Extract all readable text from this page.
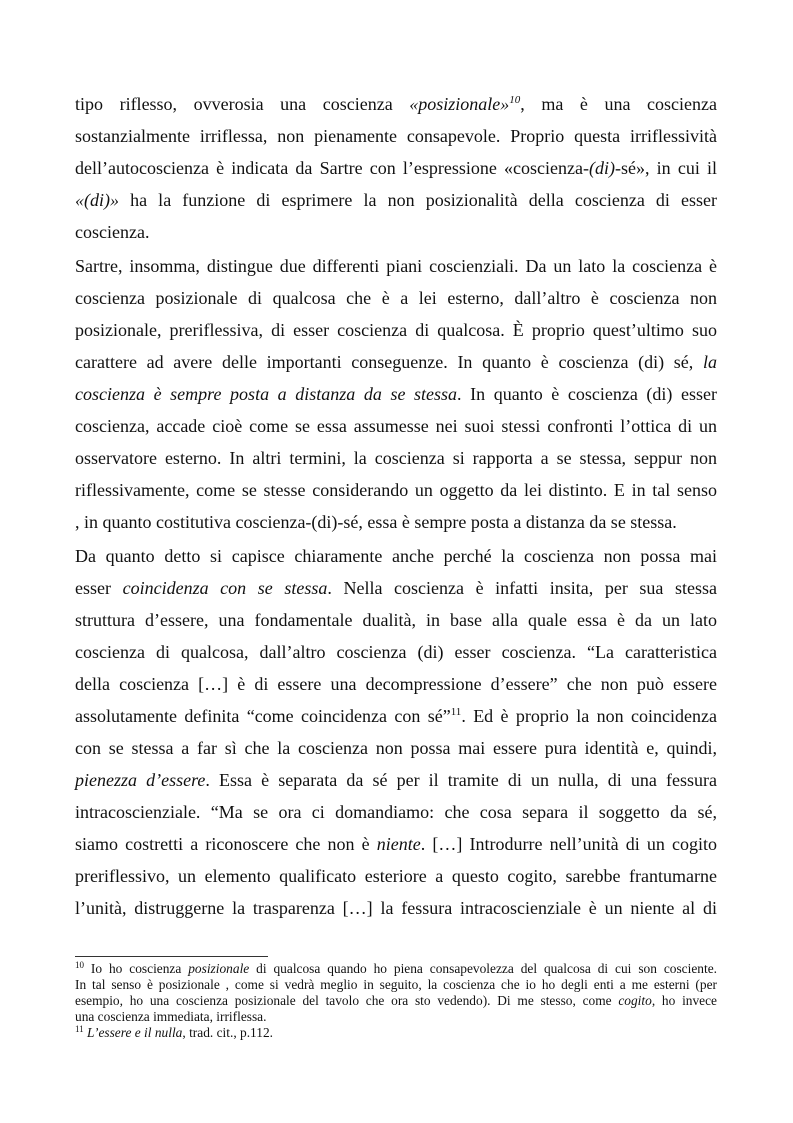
tipo riflesso, ovverosia una coscienza «posizionale»$^{10}$, ma è una coscienza
sostanzialmente irriflessa, non pienamente consapevole. Proprio questa irriflessività
dell’autocoscienza è indicata da Sartre con l’espressione «coscienza-(di)-sé», in cui il
«(di)» ha la funzione di esprimere la non posizionalità della coscienza di esser
coscienza.
Sartre, insomma, distingue due differenti piani coscienziali. Da un lato la coscienza è
coscienza posizionale di qualcosa che è a lei esterno, dall’altro è coscienza non
posizionale, preriflessiva, di esser coscienza di qualcosa. È proprio quest’ultimo suo
carattere ad avere delle importanti conseguenze. In quanto è coscienza (di) sé, la
coscienza è sempre posta a distanza da se stessa. In quanto è coscienza (di) esser
coscienza, accade cioè come se essa assumesse nei suoi stessi confronti l’ottica di un
osservatore esterno. In altri termini, la coscienza si rapporta a se stessa, seppur non
riflessivamente, come se stesse considerando un oggetto da lei distinto. E in tal senso
, in quanto costitutiva coscienza-(di)-sé, essa è sempre posta a distanza da se stessa.
Da quanto detto si capisce chiaramente anche perché la coscienza non possa mai
esser coincidenza con se stessa. Nella coscienza è infatti insita, per sua stessa
struttura d’essere, una fondamentale dualità, in base alla quale essa è da un lato
coscienza di qualcosa, dall’altro coscienza (di) esser coscienza. “La caratteristica
della coscienza […] è di essere una decompressione d’essere” che non può essere
assolutamente definita “come coincidenza con sé”$^{11}$. Ed è proprio la non coincidenza
con se stessa a far sì che la coscienza non possa mai essere pura identità e, quindi,
pienezza d’essere. Essa è separata da sé per il tramite di un nulla, di una fessura
intracoscienziale. “Ma se ora ci domandiamo: che cosa separa il soggetto da sé,
siamo costretti a riconoscere che non è niente. […] Introdurre nell’unità di un cogito
preriflessivo, un elemento qualificato esteriore a questo cogito, sarebbe frantumarne
l’unità, distruggerne la trasparenza […] la fessura intracoscienziale è un niente al di
$^{10}$ Io ho coscienza posizionale di qualcosa quando ho piena consapevolezza del qualcosa di cui son cosciente.
In tal senso è posizionale , come si vedrà meglio in seguito, la coscienza che io ho degli enti a me esterni (per
esempio, ho una coscienza posizionale del tavolo che ora sto vedendo). Di me stesso, come cogito, ho invece
una coscienza immediata, irriflessa.
$^{11}$ L’essere e il nulla, trad. cit., p.112.
